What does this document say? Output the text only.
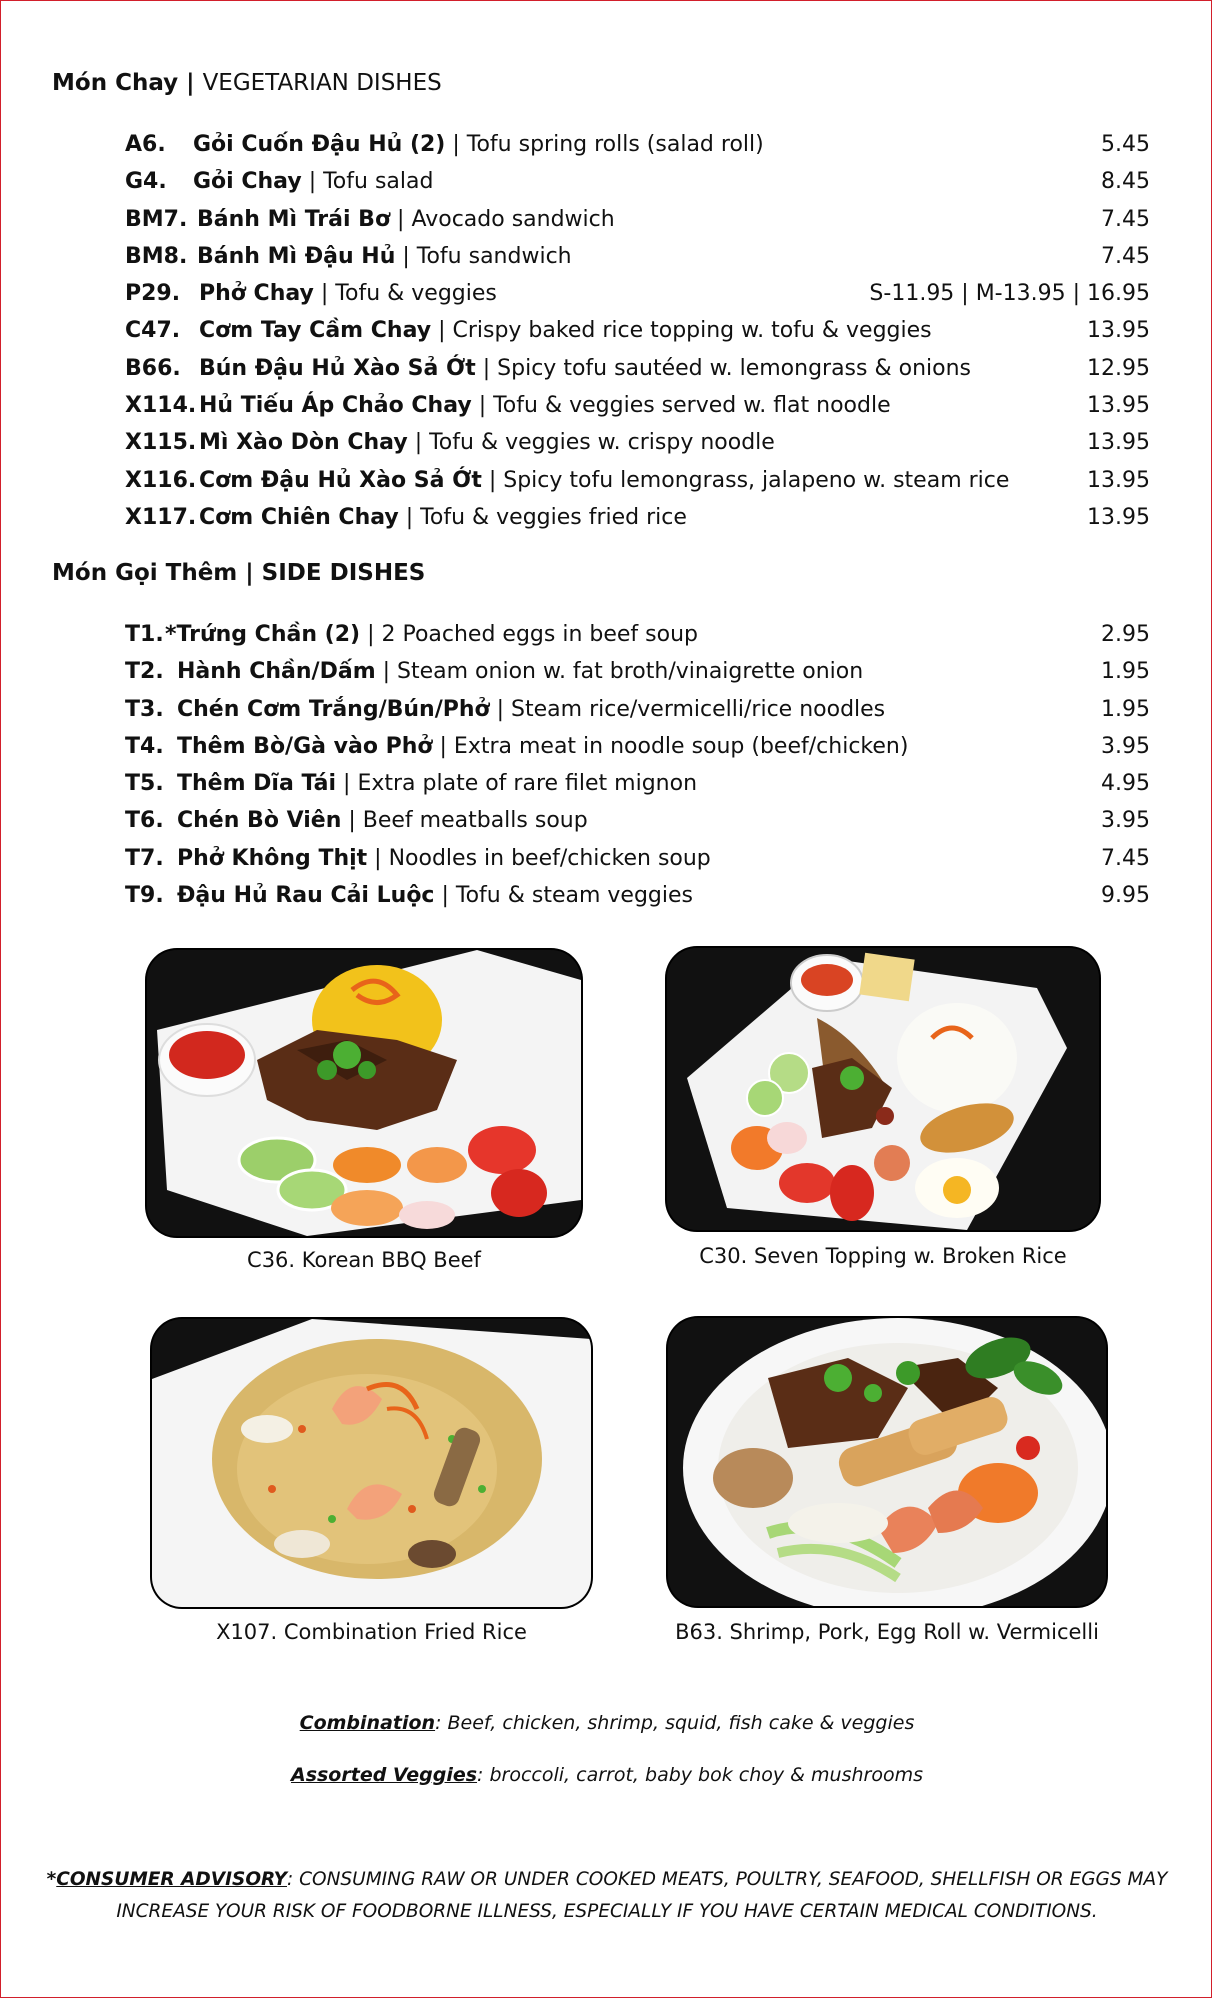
Món Chay | VEGETARIAN DISHES
A6. Gỏi Cuốn Đậu Hủ (2) | Tofu spring rolls (salad roll)	5.45
G4. Gỏi Chay | Tofu salad	8.45
BM7. Bánh Mì Trái Bơ | Avocado sandwich	7.45
BM8. Bánh Mì Đậu Hủ | Tofu sandwich	7.45
P29. Phở Chay | Tofu & veggies	S-11.95 | M-13.95 | 16.95
C47. Cơm Tay Cầm Chay | Crispy baked rice topping w. tofu & veggies	13.95
B66. Bún Đậu Hủ Xào Sả Ớt | Spicy tofu sautéed w. lemongrass & onions	12.95
X114. Hủ Tiếu Áp Chảo Chay | Tofu & veggies served w. flat noodle	13.95
X115. Mì Xào Dòn Chay | Tofu & veggies w. crispy noodle	13.95
X116. Cơm Đậu Hủ Xào Sả Ớt | Spicy tofu lemongrass, jalapeno w. steam rice	13.95
X117. Cơm Chiên Chay | Tofu & veggies fried rice	13.95
Món Gọi Thêm | SIDE DISHES
T1.*Trứng Chần (2) | 2 Poached eggs in beef soup	2.95
T2. Hành Chần/Dấm | Steam onion w. fat broth/vinaigrette onion	1.95
T3. Chén Cơm Trắng/Bún/Phở | Steam rice/vermicelli/rice noodles	1.95
T4. Thêm Bò/Gà vào Phở | Extra meat in noodle soup (beef/chicken)	3.95
T5. Thêm Dĩa Tái | Extra plate of rare filet mignon	4.95
T6. Chén Bò Viên | Beef meatballs soup	3.95
T7. Phở Không Thịt | Noodles in beef/chicken soup	7.45
T9. Đậu Hủ Rau Cải Luộc | Tofu & steam veggies	9.95
C36. Korean BBQ Beef	C30. Seven Topping w. Broken Rice
X107. Combination Fried Rice	B63. Shrimp, Pork, Egg Roll w. Vermicelli
Combination: Beef, chicken, shrimp, squid, fish cake & veggies
Assorted Veggies: broccoli, carrot, baby bok choy & mushrooms
*CONSUMER ADVISORY: CONSUMING RAW OR UNDER COOKED MEATS, POULTRY, SEAFOOD, SHELLFISH OR EGGS MAY INCREASE YOUR RISK OF FOODBORNE ILLNESS, ESPECIALLY IF YOU HAVE CERTAIN MEDICAL CONDITIONS.
